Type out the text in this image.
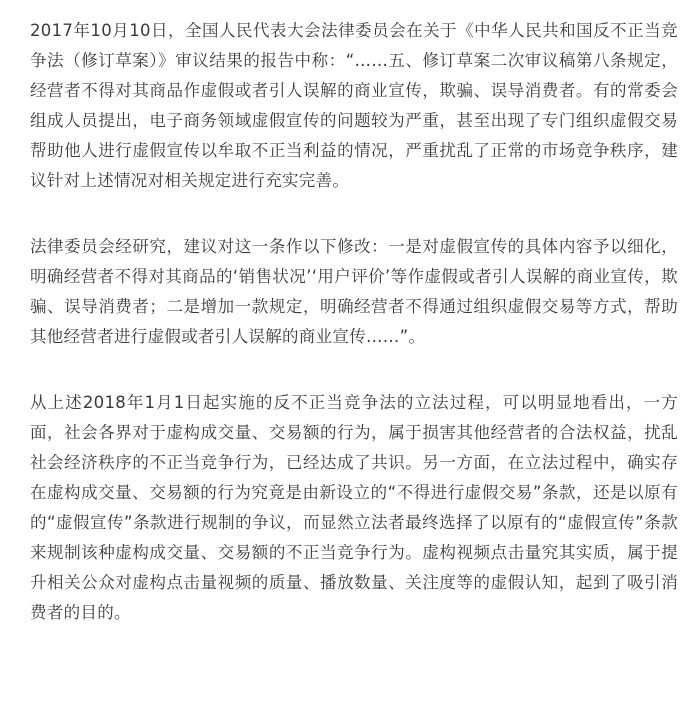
2017年10月10日，全国人民代表大会法律委员会在关于《中华人民共和国反不正当竞争法（修订草案）》审议结果的报告中称：“……五、修订草案二次审议稿第八条规定，经营者不得对其商品作虚假或者引人误解的商业宣传，欺骗、误导消费者。有的常委会组成人员提出，电子商务领域虚假宣传的问题较为严重，甚至出现了专门组织虚假交易帮助他人进行虚假宣传以牟取不正当利益的情况，严重扰乱了正常的市场竞争秩序，建议针对上述情况对相关规定进行充实完善。

法律委员会经研究，建议对这一条作以下修改：一是对虚假宣传的具体内容予以细化，明确经营者不得对其商品的‘销售状况’‘用户评价’等作虚假或者引人误解的商业宣传，欺骗、误导消费者；二是增加一款规定，明确经营者不得通过组织虚假交易等方式，帮助其他经营者进行虚假或者引人误解的商业宣传……”。

从上述2018年1月1日起实施的反不正当竞争法的立法过程，可以明显地看出，一方面，社会各界对于虚构成交量、交易额的行为，属于损害其他经营者的合法权益，扰乱社会经济秩序的不正当竞争行为，已经达成了共识。另一方面，在立法过程中，确实存在虚构成交量、交易额的行为究竟是由新设立的“不得进行虚假交易”条款，还是以原有的“虚假宣传”条款进行规制的争议，而显然立法者最终选择了以原有的“虚假宣传”条款来规制该种虚构成交量、交易额的不正当竞争行为。虚构视频点击量究其实质，属于提升相关公众对虚构点击量视频的质量、播放数量、关注度等的虚假认知，起到了吸引消费者的目的。
